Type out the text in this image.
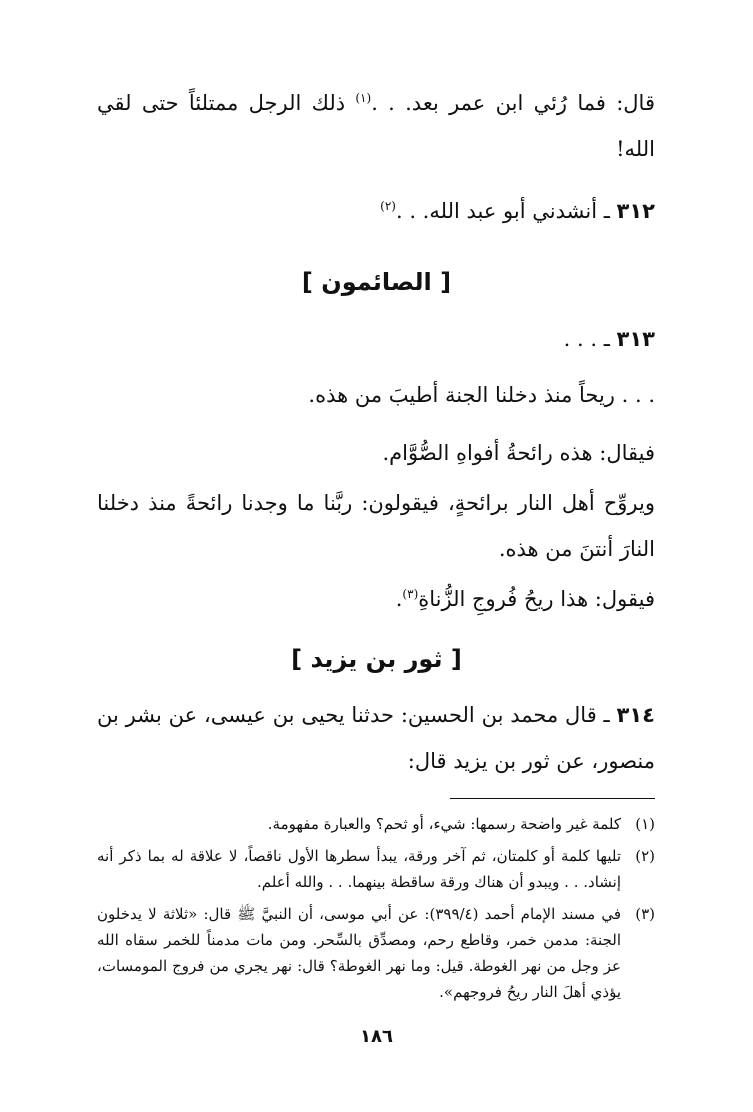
قال: فما رُئي ابن عمر بعد. . .$^{(١)}$ ذلك الرجل ممتلئاً حتى لقي الله!

٣١٢ ـ أنشدني أبو عبد الله. . .$^{(٢)}$

[ الصائمون ]

٣١٣ ـ . . .

. . . ريحاً منذ دخلنا الجنة أطيبَ من هذه.

فيقال: هذه رائحةُ أفواهِ الصُّوَّام.

ويروِّح أهل النار برائحةٍ، فيقولون: ربَّنا ما وجدنا رائحةً منذ دخلنا النارَ أنتنَ من هذه.

فيقول: هذا ريحُ فُروجِ الزُّناةِ$^{(٣)}$.

[ ثور بن يزيد ]

٣١٤ ـ قال محمد بن الحسين: حدثنا يحيى بن عيسى، عن بشر بن منصور، عن ثور بن يزيد قال:

(١)
كلمة غير واضحة رسمها: شيء، أو ثحم؟ والعبارة مفهومة.
(٢)
تليها كلمة أو كلمتان، ثم آخر ورقة، يبدأ سطرها الأول ناقصاً، لا علاقة له بما ذكر أنه إنشاد. . . ويبدو أن هناك ورقة ساقطة بينهما. . . والله أعلم.
(٣)
في مسند الإمام أحمد (٣٩٩/٤): عن أبي موسى، أن النبيَّ ﷺ قال: «ثلاثة لا يدخلون الجنة: مدمن خمر، وقاطع رحم، ومصدِّق بالسِّحر. ومن مات مدمناً للخمر سقاه الله عز وجل من نهر الغوطة. قيل: وما نهر الغوطة؟ قال: نهر يجري من فروج المومسات، يؤذي أهلَ النار ريحُ فروجهم».
١٨٦
